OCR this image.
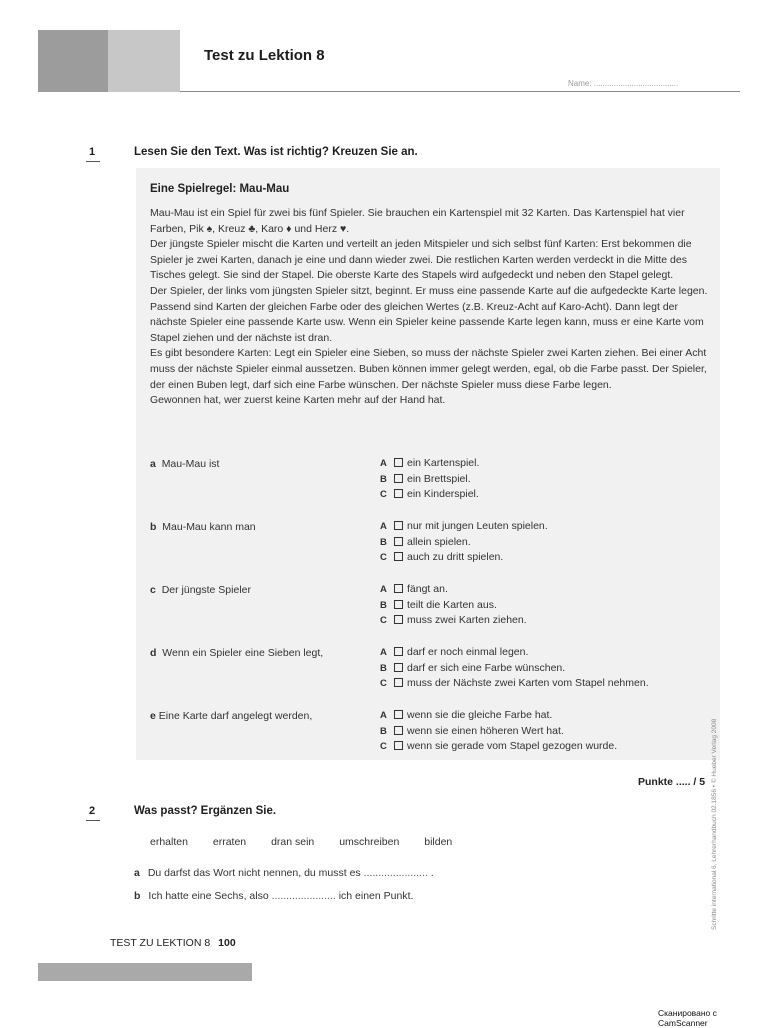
Test zu Lektion 8
Name: ......................................
1	Lesen Sie den Text. Was ist richtig? Kreuzen Sie an.
Eine Spielregel: Mau-Mau

Mau-Mau ist ein Spiel für zwei bis fünf Spieler. Sie brauchen ein Kartenspiel mit 32 Karten. Das Kartenspiel hat vier Farben, Pik ♠, Kreuz ♣, Karo ♦ und Herz ♥.

Der jüngste Spieler mischt die Karten und verteilt an jeden Mitspieler und sich selbst fünf Karten: Erst bekommen die Spieler je zwei Karten, danach je eine und dann wieder zwei. Die restlichen Karten werden verdeckt in die Mitte des Tisches gelegt. Sie sind der Stapel. Die oberste Karte des Stapels wird aufgedeckt und neben den Stapel gelegt.

Der Spieler, der links vom jüngsten Spieler sitzt, beginnt. Er muss eine passende Karte auf die aufgedeckte Karte legen. Passend sind Karten der gleichen Farbe oder des gleichen Wertes (z.B. Kreuz-Acht auf Karo-Acht). Dann legt der nächste Spieler eine passende Karte usw. Wenn ein Spieler keine passende Karte legen kann, muss er eine Karte vom Stapel ziehen und der nächste ist dran.

Es gibt besondere Karten: Legt ein Spieler eine Sieben, so muss der nächste Spieler zwei Karten ziehen. Bei einer Acht muss der nächste Spieler einmal aussetzen. Buben können immer gelegt werden, egal, ob die Farbe passt. Der Spieler, der einen Buben legt, darf sich eine Farbe wünschen. Der nächste Spieler muss diese Farbe legen.

Gewonnen hat, wer zuerst keine Karten mehr auf der Hand hat.

a Mau-Mau ist	A ein Kartenspiel.
B ein Brettspiel.
C ein Kinderspiel.
b Mau-Mau kann man	A nur mit jungen Leuten spielen.
B allein spielen.
C auch zu dritt spielen.
c Der jüngste Spieler	A fängt an.
B teilt die Karten aus.
C muss zwei Karten ziehen.
d Wenn ein Spieler eine Sieben legt,	A darf er noch einmal legen.
B darf er sich eine Farbe wünschen.
C muss der Nächste zwei Karten vom Stapel nehmen.
e Eine Karte darf angelegt werden,	A wenn sie die gleiche Farbe hat.
B wenn sie einen höheren Wert hat.
C wenn sie gerade vom Stapel gezogen wurde.
Punkte ..... / 5
2	Was passt? Ergänzen Sie.
erhalten erraten dran sein umschreiben bilden
a Du darfst das Wort nicht nennen, du musst es ...................... .
b Ich hatte eine Sechs, also ...................... ich einen Punkt.
TEST ZU LEKTION 8 100
Schritte international 6, Lehrerhandbuch 02.1856 • © Hueber Verlag 2008
Сканировано с CamScanner
